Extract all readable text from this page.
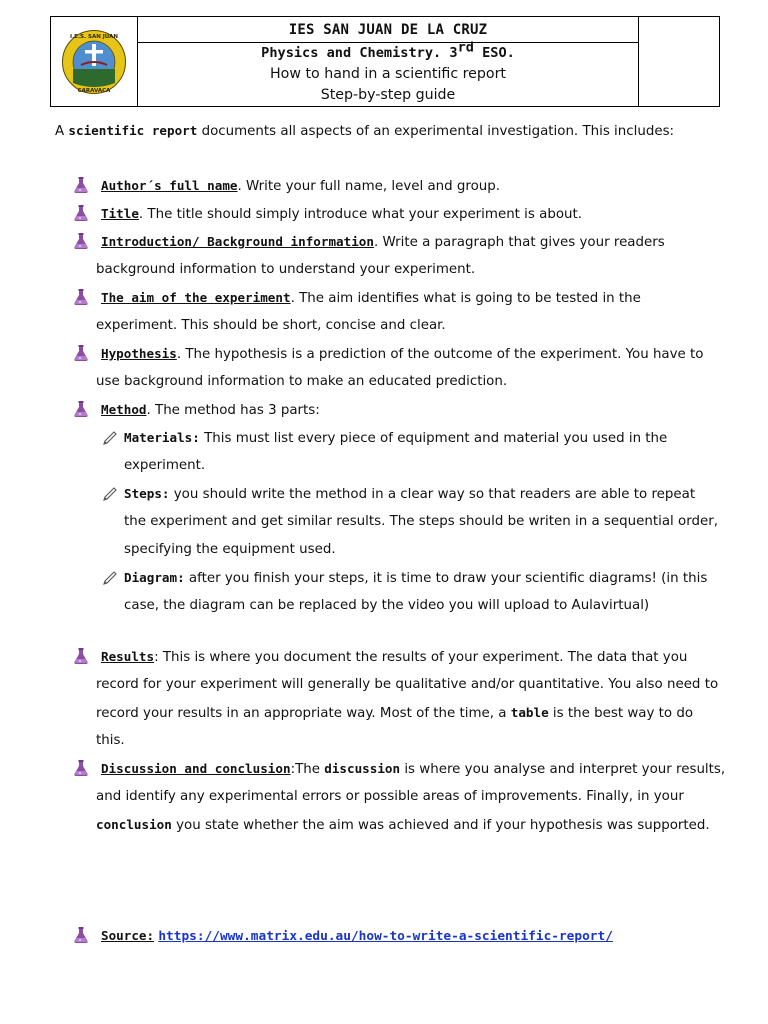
I.E.S. SAN JUAN
CARAVACA
	IES SAN JUAN DE LA CRUZ	

Physics and Chemistry. 3rd ESO.
How to hand in a scientific report
Step-by-step guide
A scientific report documents all aspects of an experimental investigation. This includes:
Author´s full name. Write your full name, level and group.
Title. The title should simply introduce what your experiment is about.
Introduction/ Background information. Write a paragraph that gives your readers
background information to understand your experiment.
The aim of the experiment. The aim identifies what is going to be tested in the
experiment. This should be short, concise and clear.
Hypothesis. The hypothesis is a prediction of the outcome of the experiment. You have to
use background information to make an educated prediction.
Method. The method has 3 parts:
Materials: This must list every piece of equipment and material you used in the
experiment.
Steps: you should write the method in a clear way so that readers are able to repeat
the experiment and get similar results. The steps should be writen in a sequential order,
specifying the equipment used.
Diagram: after you finish your steps, it is time to draw your scientific diagrams! (in this
case, the diagram can be replaced by the video you will upload to Aulavirtual)
Results: This is where you document the results of your experiment. The data that you
record for your experiment will generally be qualitative and/or quantitative. You also need to
record your results in an appropriate way. Most of the time, a table is the best way to do
this.
Discussion and conclusion:The discussion is where you analyse and interpret your results,
and identify any experimental errors or possible areas of improvements. Finally, in your
conclusion you state whether the aim was achieved and if your hypothesis was supported.
Source: https://www.matrix.edu.au/how-to-write-a-scientific-report/
